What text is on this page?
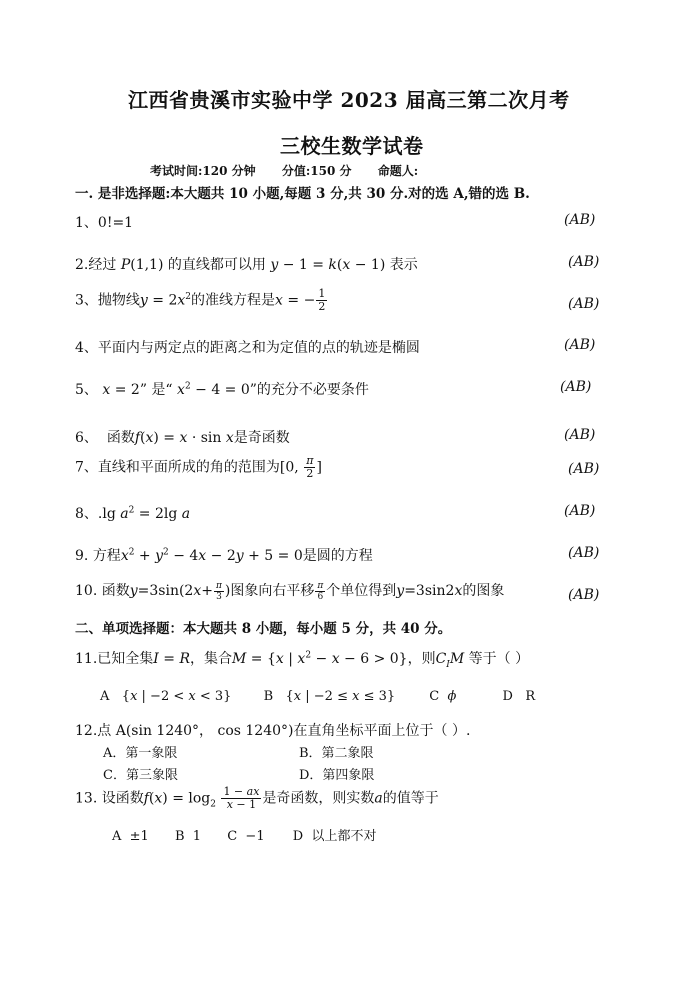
江西省贵溪市实验中学 2023 届高三第二次月考
三校生数学试卷
考试时间:120 分钟 分值:150 分 命题人:
一. 是非选择题:本大题共 10 小题,每题 3 分,共 30 分.对的选 A,错的选 B.
1、0!=1	(AB)
2.经过 P(1,1) 的直线都可以用 y − 1 = k(x − 1) 表示	(AB)
3、抛物线$y = 2x^2$的准线方程是x = − $\frac{1}{2}$	(AB)
4、平面内与两定点的距离之和为定值的点的轨迹是椭圆	(AB)
5、 x = 2” 是“ $x^2 - 4 = 0$”的充分不必要条件	(AB)
6、 函数f(x) = x · sin x是奇函数	(AB)
7、直线和平面所成的角的范围为[0, $\frac{\pi}{2}$ ]	(AB)
8、.lg $a^2 = 2\lg$ a	(AB)
9. 方程$x^2 + y^2 - 4x - 2y + 5 = 0$是圆的方程	(AB)
10. 函数$y=3\sin(2x+ \frac{\pi}{3}$ )图象向右平移 $\frac{\pi}{6}$ 个单位得到y=3sin2x的图象	(AB)
二、单项选择题：本大题共 8 小题，每小题 5 分，共 40 分。
11.已知全集I = R，集合M = {x | $x^2 - x - 6 > 0$}，则$C_IM$ 等于（ ）
A   {x | −2 < x < 3} B   {x | −2 ≤ x ≤ 3}	C ϕ	D   R
12.点 A(sin 1240°， cos 1240°)在直角坐标平面上位于（ ）.
A．第一象限	B．第二象限
C．第三象限	D．第四象限
13. 设函数$f(x) = \log_2 \frac{1 - ax}{x - 1}$ 是奇函数，则实数a的值等于
A  ±1 B  1 C  −1 D 以上都不对
